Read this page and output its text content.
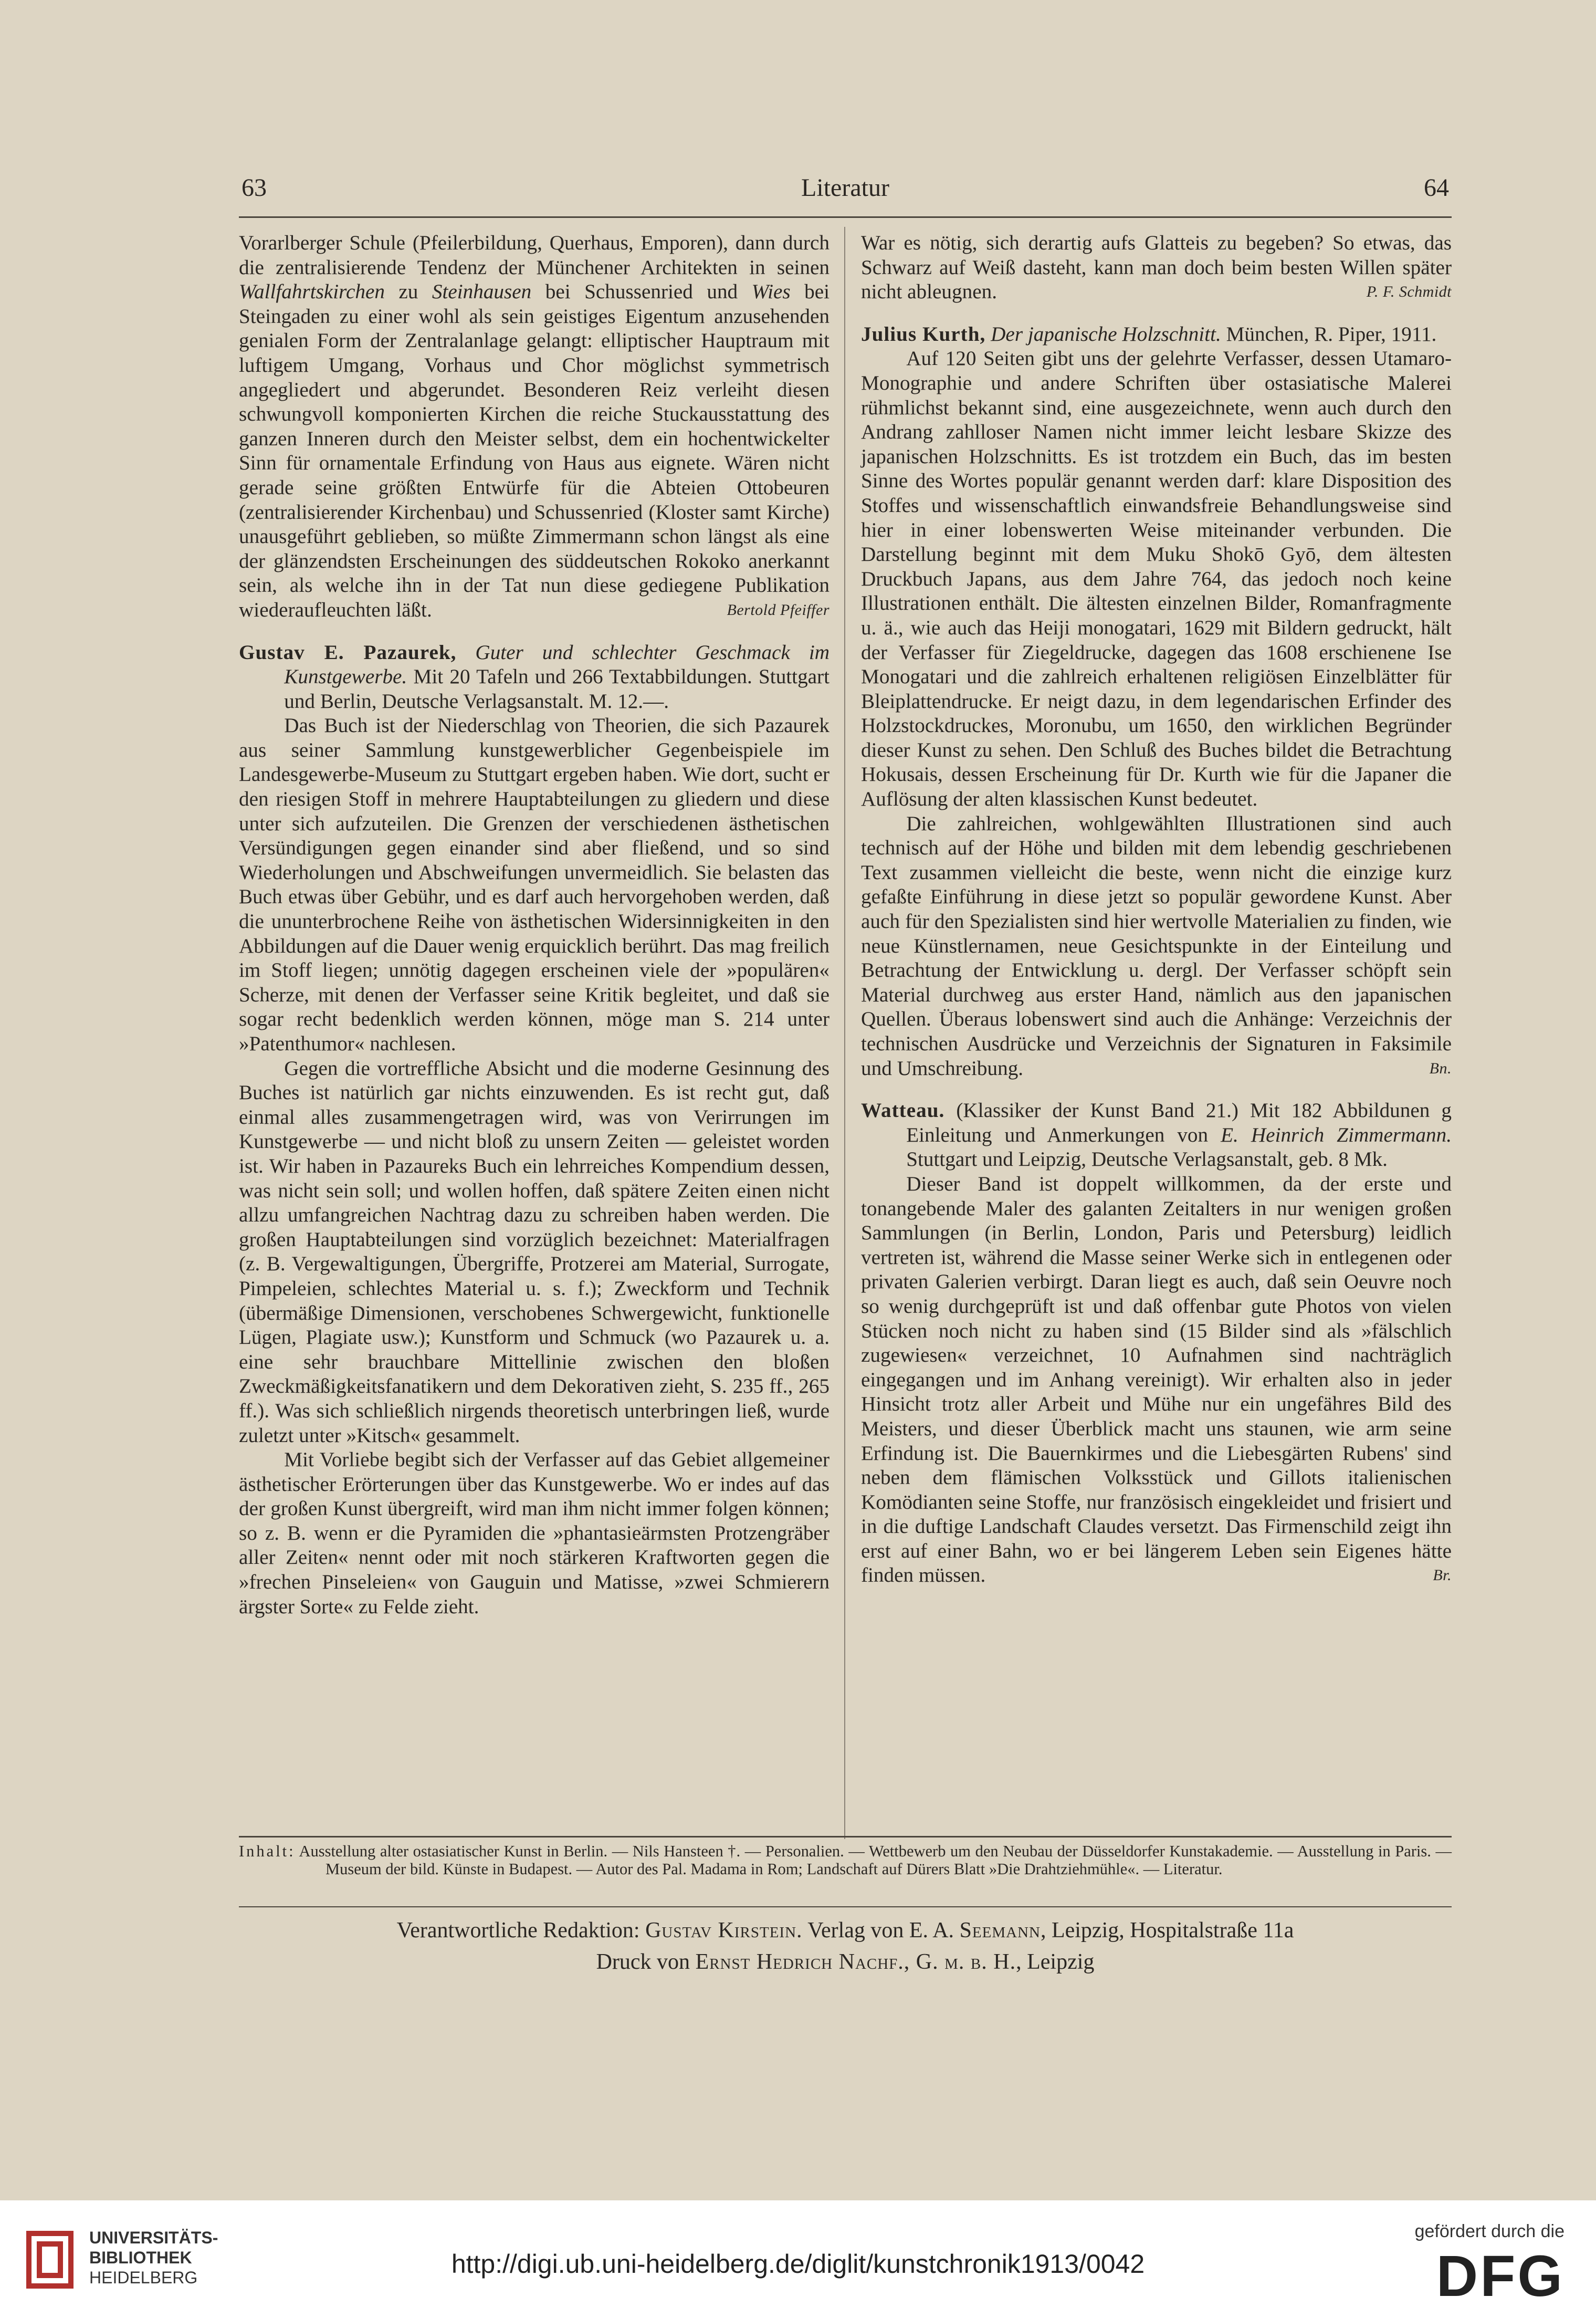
63	Literatur	64

Vorarlberger Schule (Pfeilerbildung, Querhaus, Emporen), dann durch die zentralisierende Tendenz der Münchener Architekten in seinen Wallfahrtskirchen zu Steinhausen bei Schussenried und Wies bei Steingaden zu einer wohl als sein geistiges Eigentum anzusehenden genialen Form der Zentralanlage gelangt: elliptischer Hauptraum mit luftigem Umgang, Vorhaus und Chor möglichst symmetrisch angegliedert und abgerundet. Besonderen Reiz verleiht diesen schwungvoll komponierten Kirchen die reiche Stuckausstattung des ganzen Inneren durch den Meister selbst, dem ein hochentwickelter Sinn für ornamentale Erfindung von Haus aus eignete. Wären nicht gerade seine größten Entwürfe für die Abteien Ottobeuren (zentralisierender Kirchenbau) und Schussenried (Kloster samt Kirche) unausgeführt geblieben, so müßte Zimmermann schon längst als eine der glänzendsten Erscheinungen des süddeutschen Rokoko anerkannt sein, als welche ihn in der Tat nun diese gediegene Publikation wiederaufleuchten läßt.	Bertold Pfeiffer

Gustav E. Pazaurek, Guter und schlechter Geschmack im Kunstgewerbe. Mit 20 Tafeln und 266 Textabbildungen. Stuttgart und Berlin, Deutsche Verlagsanstalt. M. 12.—.

Das Buch ist der Niederschlag von Theorien, die sich Pazaurek aus seiner Sammlung kunstgewerblicher Gegenbeispiele im Landesgewerbe-Museum zu Stuttgart ergeben haben. Wie dort, sucht er den riesigen Stoff in mehrere Hauptabteilungen zu gliedern und diese unter sich aufzuteilen. Die Grenzen der verschiedenen ästhetischen Versündigungen gegen einander sind aber fließend, und so sind Wiederholungen und Abschweifungen unvermeidlich. Sie belasten das Buch etwas über Gebühr, und es darf auch hervorgehoben werden, daß die ununterbrochene Reihe von ästhetischen Widersinnigkeiten in den Abbildungen auf die Dauer wenig erquicklich berührt. Das mag freilich im Stoff liegen; unnötig dagegen erscheinen viele der »populären« Scherze, mit denen der Verfasser seine Kritik begleitet, und daß sie sogar recht bedenklich werden können, möge man S. 214 unter »Patenthumor« nachlesen.

Gegen die vortreffliche Absicht und die moderne Gesinnung des Buches ist natürlich gar nichts einzuwenden. Es ist recht gut, daß einmal alles zusammengetragen wird, was von Verirrungen im Kunstgewerbe — und nicht bloß zu unsern Zeiten — geleistet worden ist. Wir haben in Pazaureks Buch ein lehrreiches Kompendium dessen, was nicht sein soll; und wollen hoffen, daß spätere Zeiten einen nicht allzu umfangreichen Nachtrag dazu zu schreiben haben werden. Die großen Hauptabteilungen sind vorzüglich bezeichnet: Materialfragen (z. B. Vergewaltigungen, Übergriffe, Protzerei am Material, Surrogate, Pimpeleien, schlechtes Material u. s. f.); Zweckform und Technik (übermäßige Dimensionen, verschobenes Schwergewicht, funktionelle Lügen, Plagiate usw.); Kunstform und Schmuck (wo Pazaurek u. a. eine sehr brauchbare Mittellinie zwischen den bloßen Zweckmäßigkeitsfanatikern und dem Dekorativen zieht, S. 235 ff., 265 ff.). Was sich schließlich nirgends theoretisch unterbringen ließ, wurde zuletzt unter »Kitsch« gesammelt.

Mit Vorliebe begibt sich der Verfasser auf das Gebiet allgemeiner ästhetischer Erörterungen über das Kunstgewerbe. Wo er indes auf das der großen Kunst übergreift, wird man ihm nicht immer folgen können; so z. B. wenn er die Pyramiden die »phantasieärmsten Protzengräber aller Zeiten« nennt oder mit noch stärkeren Kraftworten gegen die »frechen Pinseleien« von Gauguin und Matisse, »zwei Schmierern ärgster Sorte« zu Felde zieht.

War es nötig, sich derartig aufs Glatteis zu begeben? So etwas, das Schwarz auf Weiß dasteht, kann man doch beim besten Willen später nicht ableugnen.	P. F. Schmidt

Julius Kurth, Der japanische Holzschnitt. München, R. Piper, 1911.

Auf 120 Seiten gibt uns der gelehrte Verfasser, dessen Utamaro-Monographie und andere Schriften über ostasiatische Malerei rühmlichst bekannt sind, eine ausgezeichnete, wenn auch durch den Andrang zahlloser Namen nicht immer leicht lesbare Skizze des japanischen Holzschnitts. Es ist trotzdem ein Buch, das im besten Sinne des Wortes populär genannt werden darf: klare Disposition des Stoffes und wissenschaftlich einwandsfreie Behandlungsweise sind hier in einer lobenswerten Weise miteinander verbunden. Die Darstellung beginnt mit dem Muku Shokō Gyō, dem ältesten Druckbuch Japans, aus dem Jahre 764, das jedoch noch keine Illustrationen enthält. Die ältesten einzelnen Bilder, Romanfragmente u. ä., wie auch das Heiji monogatari, 1629 mit Bildern gedruckt, hält der Verfasser für Ziegeldrucke, dagegen das 1608 erschienene Ise Monogatari und die zahlreich erhaltenen religiösen Einzelblätter für Bleiplattendrucke. Er neigt dazu, in dem legendarischen Erfinder des Holzstockdruckes, Moronubu, um 1650, den wirklichen Begründer dieser Kunst zu sehen. Den Schluß des Buches bildet die Betrachtung Hokusais, dessen Erscheinung für Dr. Kurth wie für die Japaner die Auflösung der alten klassischen Kunst bedeutet.

Die zahlreichen, wohlgewählten Illustrationen sind auch technisch auf der Höhe und bilden mit dem lebendig geschriebenen Text zusammen vielleicht die beste, wenn nicht die einzige kurz gefaßte Einführung in diese jetzt so populär gewordene Kunst. Aber auch für den Spezialisten sind hier wertvolle Materialien zu finden, wie neue Künstlernamen, neue Gesichtspunkte in der Einteilung und Betrachtung der Entwicklung u. dergl. Der Verfasser schöpft sein Material durchweg aus erster Hand, nämlich aus den japanischen Quellen. Überaus lobenswert sind auch die Anhänge: Verzeichnis der technischen Ausdrücke und Verzeichnis der Signaturen in Faksimile und Umschreibung.	Bn.

Watteau. (Klassiker der Kunst Band 21.) Mit 182 Abbildunen g Einleitung und Anmerkungen von E. Heinrich Zimmermann. Stuttgart und Leipzig, Deutsche Verlagsanstalt, geb. 8 Mk.

Dieser Band ist doppelt willkommen, da der erste und tonangebende Maler des galanten Zeitalters in nur wenigen großen Sammlungen (in Berlin, London, Paris und Petersburg) leidlich vertreten ist, während die Masse seiner Werke sich in entlegenen oder privaten Galerien verbirgt. Daran liegt es auch, daß sein Oeuvre noch so wenig durchgeprüft ist und daß offenbar gute Photos von vielen Stücken noch nicht zu haben sind (15 Bilder sind als »fälschlich zugewiesen« verzeichnet, 10 Aufnahmen sind nachträglich eingegangen und im Anhang vereinigt). Wir erhalten also in jeder Hinsicht trotz aller Arbeit und Mühe nur ein ungefähres Bild des Meisters, und dieser Überblick macht uns staunen, wie arm seine Erfindung ist. Die Bauernkirmes und die Liebesgärten Rubens' sind neben dem flämischen Volksstück und Gillots italienischen Komödianten seine Stoffe, nur französisch eingekleidet und frisiert und in die duftige Landschaft Claudes versetzt. Das Firmenschild zeigt ihn erst auf einer Bahn, wo er bei längerem Leben sein Eigenes hätte finden müssen.	Br.

Inhalt: Ausstellung alter ostasiatischer Kunst in Berlin. — Nils Hansteen †. — Personalien. — Wettbewerb um den Neubau der Düsseldorfer Kunstakademie. — Ausstellung in Paris. — Museum der bild. Künste in Budapest. — Autor des Pal. Madama in Rom; Landschaft auf Dürers Blatt »Die Drahtziehmühle«. — Literatur.
Verantwortliche Redaktion: Gustav Kirstein. Verlag von E. A. Seemann, Leipzig, Hospitalstraße 11a
Druck von Ernst Hedrich Nachf., G. m. b. H., Leipzig
UNIVERSITÄTS-
BIBLIOTHEK
HEIDELBERG	http://digi.ub.uni-heidelberg.de/diglit/kunstchronik1913/0042
gefördert durch die
DFG
